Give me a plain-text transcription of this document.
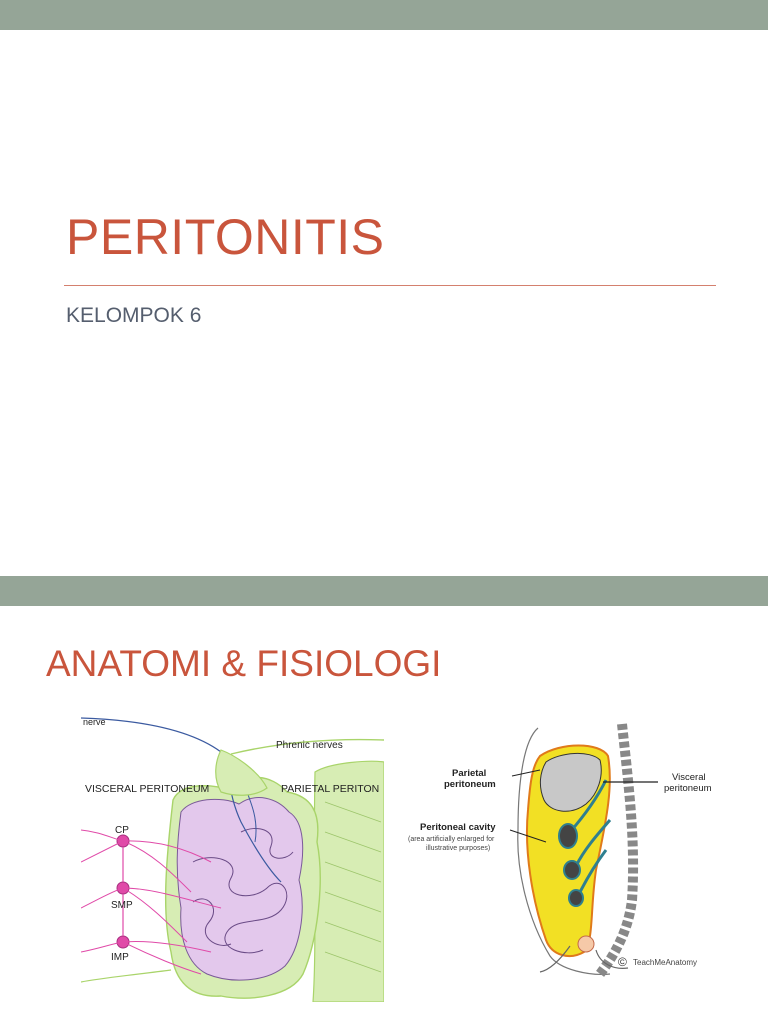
PERITONITIS
KELOMPOK 6
ANATOMI & FISIOLOGI
nerve
Phrenic nerves
VISCERAL PERITONEUM	PARIETAL PERITON
CP
SMP
IMP
Parietal
peritoneum
Visceral
peritoneum
Peritoneal cavity
(area artificially enlarged for
illustrative purposes)
© TeachMeAnatomy
